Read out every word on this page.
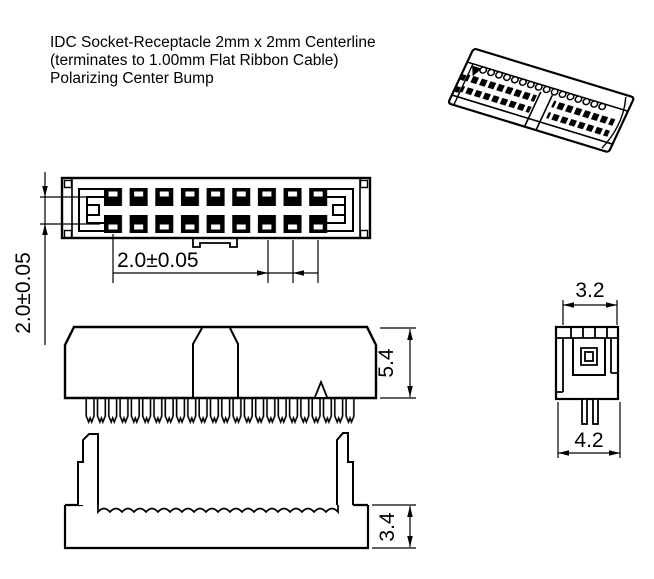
IDC Socket-Receptacle 2mm x 2mm Centerline
(terminates to 1.00mm Flat Ribbon Cable)
Polarizing Center Bump
2.0±0.05
2.0±0.05
5.4
3.4
3.2
4.2
